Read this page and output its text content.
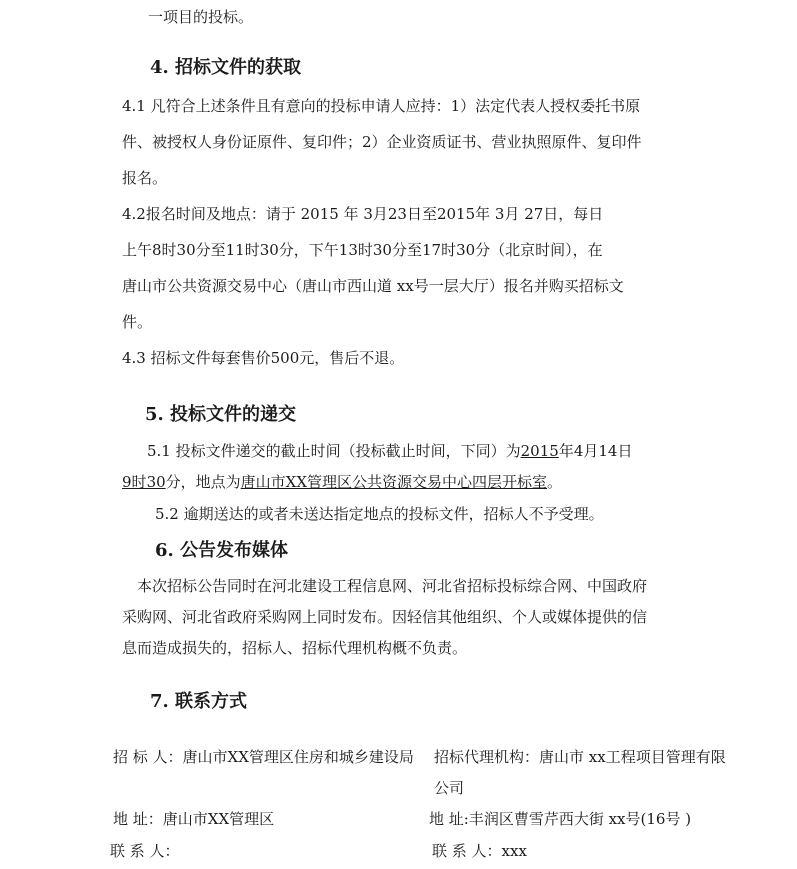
一项目的投标。
4. 招标文件的获取
4.1 凡符合上述条件且有意向的投标申请人应持：1）法定代表人授权委托书原
件、被授权人身份证原件、复印件；2）企业资质证书、营业执照原件、复印件
报名。
4.2报名时间及地点：请于 2015 年 3月23日至2015年 3月 27日，每日
上午8时30分至11时30分，下午13时30分至17时30分（北京时间），在
唐山市公共资源交易中心（唐山市西山道 xx号一层大厅）报名并购买招标文
件。
4.3 招标文件每套售价500元，售后不退。
5. 投标文件的递交
5.1 投标文件递交的截止时间（投标截止时间，下同）为2015年4月14日
9时30分，地点为唐山市XX管理区公共资源交易中心四层开标室。
5.2 逾期送达的或者未送达指定地点的投标文件，招标人不予受理。
6. 公告发布媒体
本次招标公告同时在河北建设工程信息网、河北省招标投标综合网、中国政府
采购网、河北省政府采购网上同时发布。因轻信其他组织、个人或媒体提供的信
息而造成损失的，招标人、招标代理机构概不负责。
7. 联系方式
招 标 人：唐山市XX管理区住房和城乡建设局 招标代理机构：唐山市 xx工程项目管理有限
公司
地 址：唐山市XX管理区	地 址:丰润区曹雪芹西大街 xx号(16号 )
联 系 人：	联 系 人：xxx
